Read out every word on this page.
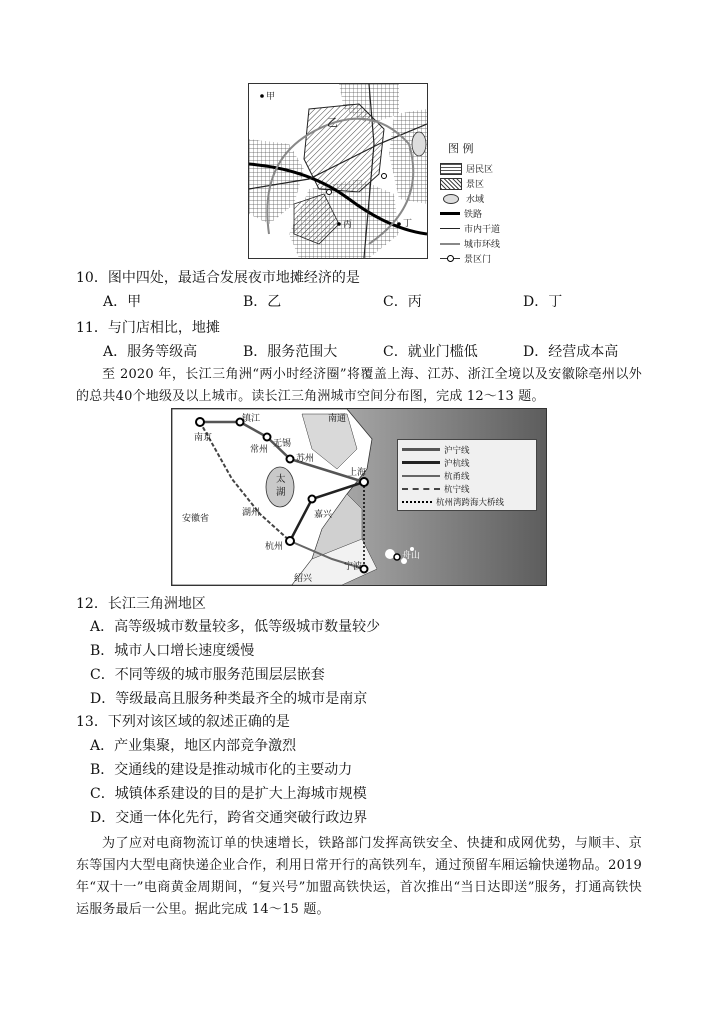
甲
乙
丙	丁
图 例
居民区
景区
水域
铁路
市内干道
城市环线
景区门
10．图中四处，最适合发展夜市地摊经济的是
A．甲	B．乙	C．丙	D．丁
11．与门店相比，地摊
A．服务等级高	B．服务范围大	C．就业门槛低	D．经营成本高
至 2020 年，长江三角洲“两小时经济圈”将覆盖上海、江苏、浙江全境以及安徽除亳州以外的总共40个地级及以上城市。读长江三角洲城市空间分布图，完成 12～13 题。
南京
镇江
常州
无锡
苏州
南通
上海
太湖
湖州	嘉兴
杭州
绍兴
宁波
舟山
安徽省
沪宁线
沪杭线
杭甬线
杭宁线
杭州湾跨海大桥线
12．长江三角洲地区
A．高等级城市数量较多，低等级城市数量较少
B．城市人口增长速度缓慢
C．不同等级的城市服务范围层层嵌套
D．等级最高且服务种类最齐全的城市是南京
13．下列对该区域的叙述正确的是
A．产业集聚，地区内部竞争激烈
B．交通线的建设是推动城市化的主要动力
C．城镇体系建设的目的是扩大上海城市规模
D．交通一体化先行，跨省交通突破行政边界
为了应对电商物流订单的快速增长，铁路部门发挥高铁安全、快捷和成网优势，与顺丰、京东等国内大型电商快递企业合作，利用日常开行的高铁列车，通过预留车厢运输快递物品。2019 年“双十一”电商黄金周期间，“复兴号”加盟高铁快运，首次推出“当日达即送”服务，打通高铁快运服务最后一公里。据此完成 14～15 题。
